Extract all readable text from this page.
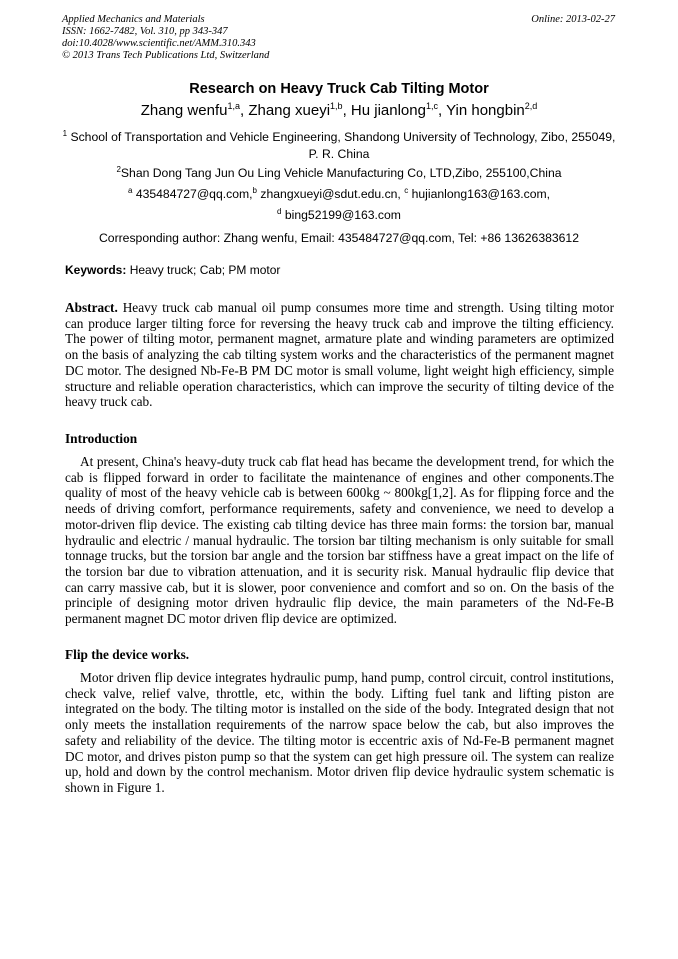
Applied Mechanics and Materials
ISSN: 1662-7482, Vol. 310, pp 343-347
doi:10.4028/www.scientific.net/AMM.310.343
© 2013 Trans Tech Publications Ltd, Switzerland
Online: 2013-02-27
Research on Heavy Truck Cab Tilting Motor
Zhang wenfu$^{1,a}$, Zhang xueyi$^{1,b}$, Hu jianlong$^{1,c}$, Yin hongbin$^{2,d}$
$^1$ School of Transportation and Vehicle Engineering, Shandong University of Technology, Zibo, 255049, P. R. China
$^2$Shan Dong Tang Jun Ou Ling Vehicle Manufacturing Co, LTD,Zibo, 255100,China
$^a$ 435484727@qq.com,$^b$ zhangxueyi@sdut.edu.cn, $^c$ hujianlong163@163.com,
$^d$ bing52199@163.com
Corresponding author: Zhang wenfu, Email: 435484727@qq.com, Tel: +86 13626383612
Keywords: Heavy truck; Cab; PM motor

Abstract. Heavy truck cab manual oil pump consumes more time and strength. Using tilting motor can produce larger tilting force for reversing the heavy truck cab and improve the tilting efficiency. The power of tilting motor, permanent magnet, armature plate and winding parameters are optimized on the basis of analyzing the cab tilting system works and the characteristics of the permanent magnet DC motor. The designed Nb-Fe-B PM DC motor is small volume, light weight high efficiency, simple structure and reliable operation characteristics, which can improve the security of tilting device of the heavy truck cab.

Introduction

At present, China's heavy-duty truck cab flat head has became the development trend, for which the cab is flipped forward in order to facilitate the maintenance of engines and other components.The quality of most of the heavy vehicle cab is between 600kg ~ 800kg[1,2]. As for flipping force and the needs of driving comfort, performance requirements, safety and convenience, we need to develop a motor-driven flip device. The existing cab tilting device has three main forms: the torsion bar, manual hydraulic and electric / manual hydraulic. The torsion bar tilting mechanism is only suitable for small tonnage trucks, but the torsion bar angle and the torsion bar stiffness have a great impact on the life of the torsion bar due to vibration attenuation, and it is security risk. Manual hydraulic flip device that can carry massive cab, but it is slower, poor convenience and comfort and so on. On the basis of the principle of designing motor driven hydraulic flip device, the main parameters of the Nd-Fe-B permanent magnet DC motor driven flip device are optimized.

Flip the device works.

Motor driven flip device integrates hydraulic pump, hand pump, control circuit, control institutions, check valve, relief valve, throttle, etc, within the body. Lifting fuel tank and lifting piston are integrated on the body. The tilting motor is installed on the side of the body. Integrated design that not only meets the installation requirements of the narrow space below the cab, but also improves the safety and reliability of the device. The tilting motor is eccentric axis of Nd-Fe-B permanent magnet DC motor, and drives piston pump so that the system can get high pressure oil. The system can realize up, hold and down by the control mechanism. Motor driven flip device hydraulic system schematic is shown in Figure 1.
